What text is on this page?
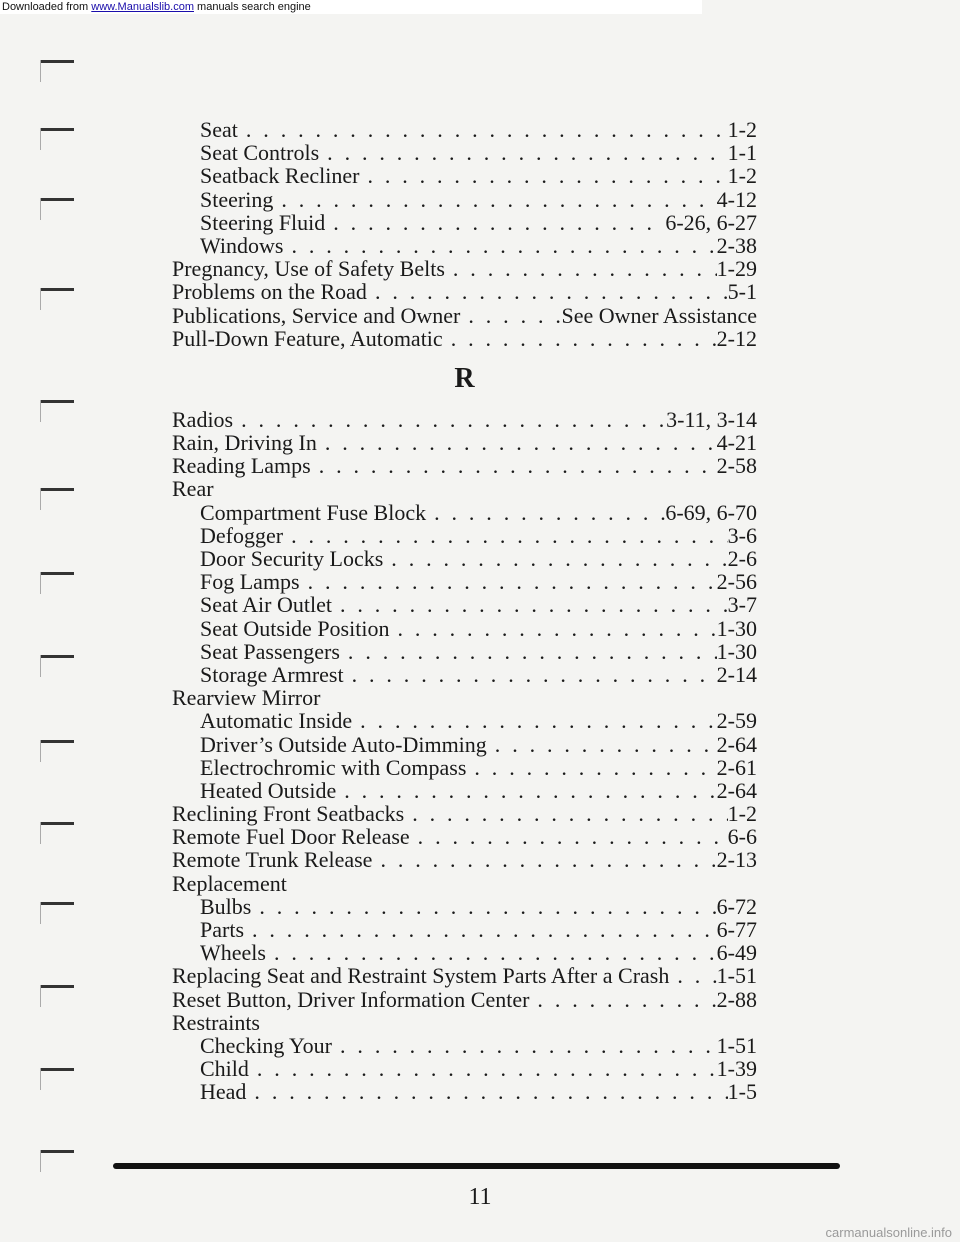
Downloaded from www.Manualslib.com manuals search engine
Seat . . .	1-2
Seat Controls . . .	1-1
Seatback Recliner . . .	1-2
Steering . . .	4-12
Steering Fluid . . .	6-26, 6-27
Windows . . .	2-38
Pregnancy, Use of Safety Belts . . .	1-29
Problems on the Road . . .	5-1
Publications, Service and Owner . . .	See Owner Assistance
Pull-Down Feature, Automatic . . .	2-12
R
Radios . . .	3-11, 3-14
Rain, Driving In . . .	4-21
Reading Lamps . . .	2-58
Rear
Compartment Fuse Block . . .	6-69, 6-70
Defogger . . .	3-6
Door Security Locks . . .	2-6
Fog Lamps . . .	2-56
Seat Air Outlet . . .	3-7
Seat Outside Position . . .	1-30
Seat Passengers . . .	1-30
Storage Armrest . . .	2-14
Rearview Mirror
Automatic Inside . . .	2-59
Driver’s Outside Auto-Dimming . . .	2-64
Electrochromic with Compass . . .	2-61
Heated Outside . . .	2-64
Reclining Front Seatbacks . . .	1-2
Remote Fuel Door Release . . .	6-6
Remote Trunk Release . . .	2-13
Replacement
Bulbs . . .	6-72
Parts . . .	6-77
Wheels . . .	6-49
Replacing Seat and Restraint System Parts After a Crash . . . 1-51
Reset Button, Driver Information Center . . .	2-88
Restraints
Checking Your . . .	1-51
Child . . .	1-39
Head . . .	1-5
11
carmanualsonline.info
